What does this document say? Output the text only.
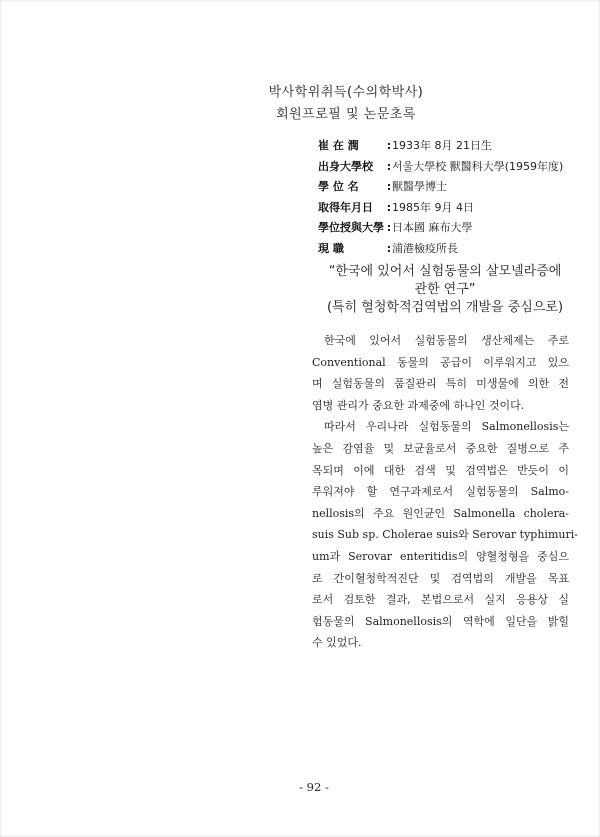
박사학위취득(수의학박사)
회원프로필 및 논문초록
崔 在 潤	: 1933年 8月 21日生
出身大學校	: 서울大學校 獸醫科大學(1959年度)
學 位 名	: 獸醫學博士
取得年月日	: 1985年 9月 4日
學位授與大學 : 日本國 麻布大學
現 職	: 浦港檢疫所長
“한국에 있어서 실험동물의 살모넬라증에
관한 연구”
(특히 혈청학적검역법의 개발을 중심으로)
한국에 있어서 실험동물의 생산체제는 주로
Conventional 동물의 공급이 이루워지고 있으
며 실험동물의 품질관리 특히 미생물에 의한 전
염병 관리가 중요한 과제중에 하나인 것이다.
따라서 우리나라 실험동물의 Salmonellosis는
높은 감염율 및 보균율로서 중요한 질병으로 주
목되며 이에 대한 검색 및 검역법은 반듯이 이
루워져야 할 연구과제로서 실험동물의 Salmo-
nellosis의 주요 원인균인 Salmonella cholera-
suis Sub sp. Cholerae suis와 Serovar typhimuri-
um과 Serovar enteritidis의 양혈청형을 중심으
로 간이혈청학적진단 및 검역법의 개발을 목표
로서 검토한 결과, 본법으로서 실지 응용상 실
험동물의 Salmonellosis의 역학에 일단을 밝힐
수 있었다.
- 92 -
